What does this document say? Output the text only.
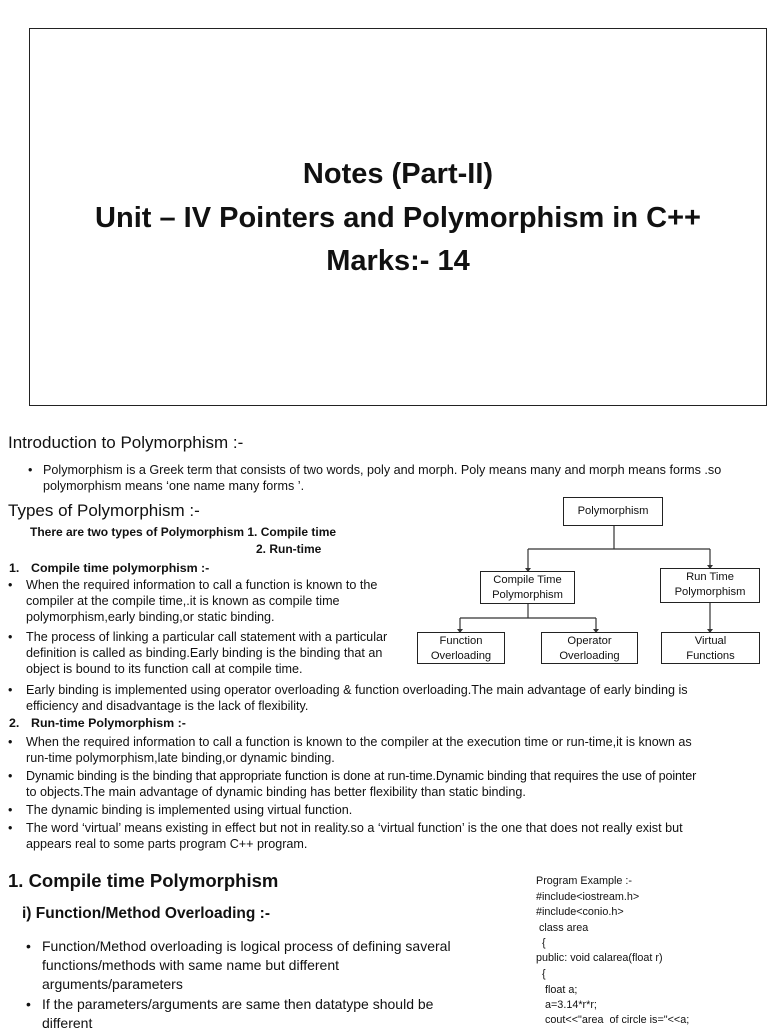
Notes (Part-II)
Unit – IV Pointers and Polymorphism in C++
Marks:- 14
Introduction to Polymorphism :-
• Polymorphism is a Greek term that consists of two words, poly and morph. Poly means many and morph means forms .so
polymorphism means ‘one name many forms ’.
Types of Polymorphism :-
There are two types of Polymorphism 1. Compile time
2. Run-time
Polymorphism
Compile Time
Polymorphism
Run Time
Polymorphism
Function
Overloading
Operator
Overloading
Virtual
Functions
1. Compile time polymorphism :-
• When the required information to call a function is known to the
compiler at the compile time,.it is known as compile time
polymorphism,early binding,or static binding.
• The process of linking a particular call statement with a particular
definition is called as binding.Early binding is the binding that an
object is bound to its function call at compile time.
• Early binding is implemented using operator overloading & function overloading.The main advantage of early binding is
efficiency and disadvantage is the lack of flexibility.
2. Run-time Polymorphism :-
• When the required information to call a function is known to the compiler at the execution time or run-time,it is known as
run-time polymorphism,late binding,or dynamic binding.
• Dynamic binding is the binding that appropriate function is done at run-time.Dynamic binding that requires the use of pointer
to objects.The main advantage of dynamic binding has better flexibility than static binding.
• The dynamic binding is implemented using virtual function.
• The word ‘virtual’ means existing in effect but not in reality.so a ‘virtual function’ is the one that does not really exist but
appears real to some parts program C++ program.
1. Compile time Polymorphism
i) Function/Method Overloading :-
• Function/Method overloading is logical process of defining saveral
functions/methods with same name but different
arguments/parameters
• If the parameters/arguments are same then datatype should be
different
Program Example :-
#include<iostream.h>
#include<conio.h>
class area
{
public: void calarea(float r)
{
float a;
a=3.14*r*r;
cout<<"area  of circle is="<<a;
